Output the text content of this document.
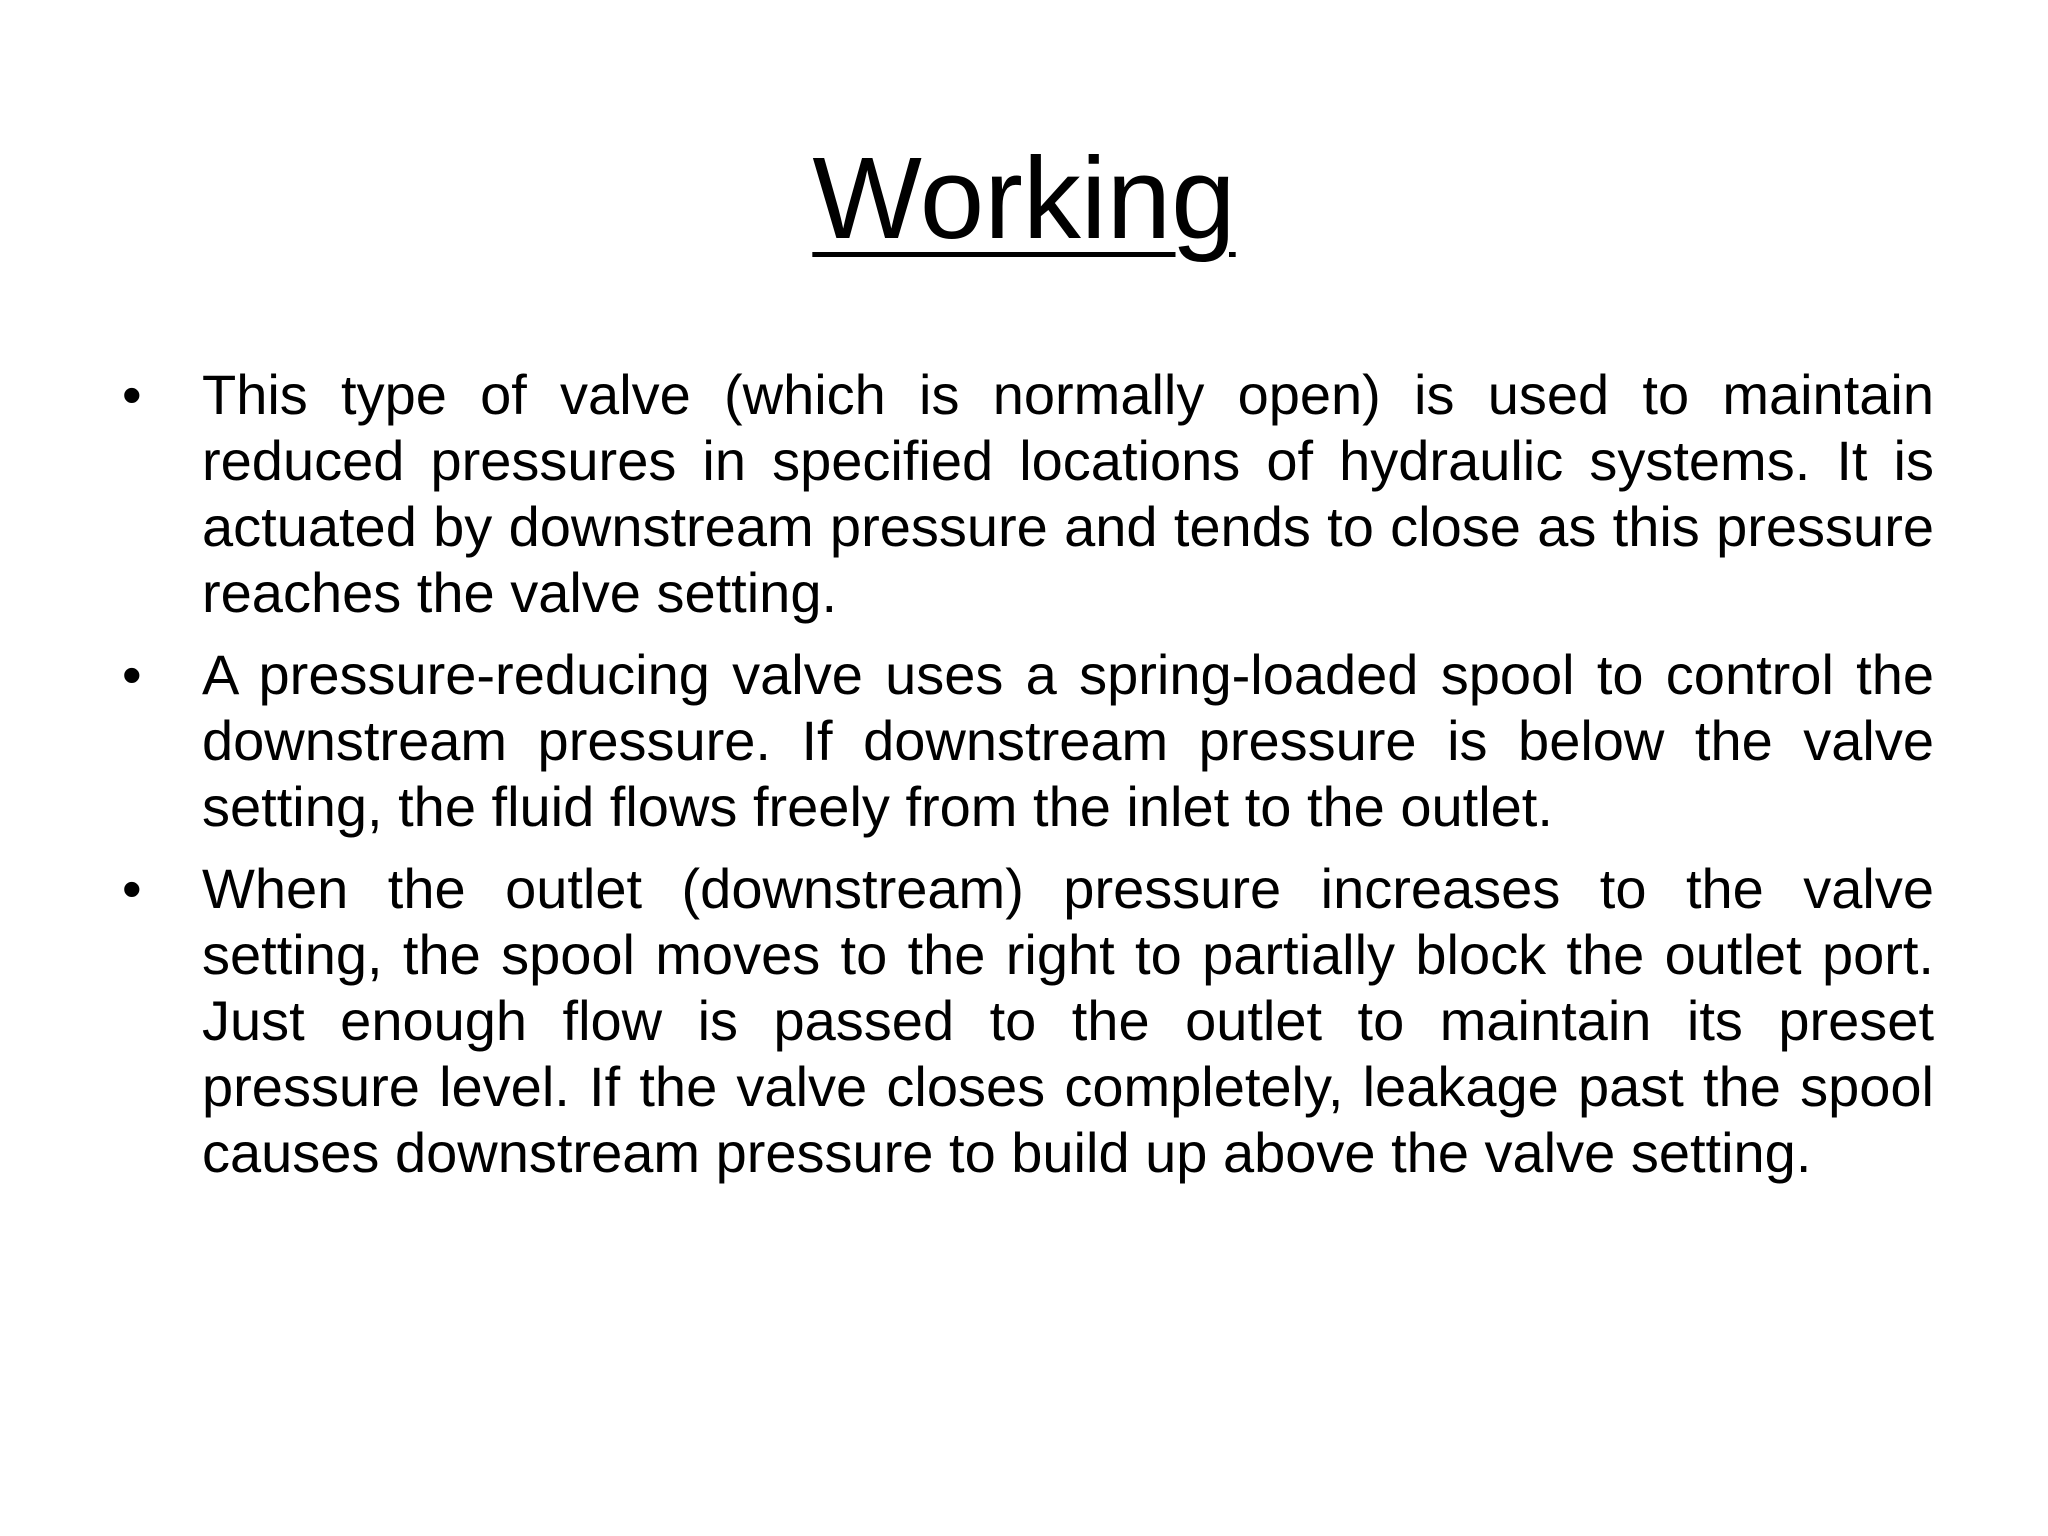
Working
•	This type of valve (which is normally open) is used to maintain reduced pressures in specified locations of hydraulic systems. It is actuated by downstream pressure and tends to close as this pressure reaches the valve setting.
•	A pressure-reducing valve uses a spring-loaded spool to control the downstream pressure. If downstream pressure is below the valve setting, the fluid flows freely from the inlet to the outlet.
•	When the outlet (downstream) pressure increases to the valve setting, the spool moves to the right to partially block the outlet port. Just enough flow is passed to the outlet to maintain its preset pressure level. If the valve closes completely, leakage past the spool causes downstream pressure to build up above the valve setting.
